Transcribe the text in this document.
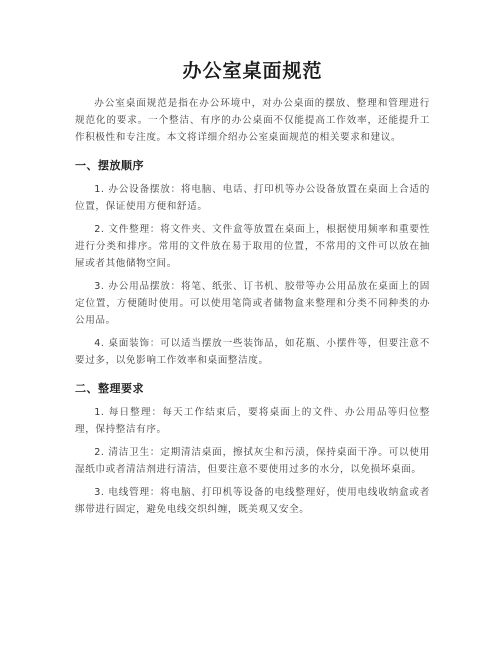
办公室桌面规范

办公室桌面规范是指在办公环境中，对办公桌面的摆放、整理和管理进行规范化的要求。一个整洁、有序的办公桌面不仅能提高工作效率，还能提升工作积极性和专注度。本文将详细介绍办公室桌面规范的相关要求和建议。

一、摆放顺序

1. 办公设备摆放：将电脑、电话、打印机等办公设备放置在桌面上合适的位置，保证使用方便和舒适。

2. 文件整理：将文件夹、文件盒等放置在桌面上，根据使用频率和重要性进行分类和排序。常用的文件放在易于取用的位置，不常用的文件可以放在抽屉或者其他储物空间。

3. 办公用品摆放：将笔、纸张、订书机、胶带等办公用品放在桌面上的固定位置，方便随时使用。可以使用笔筒或者储物盒来整理和分类不同种类的办公用品。

4. 桌面装饰：可以适当摆放一些装饰品，如花瓶、小摆件等，但要注意不要过多，以免影响工作效率和桌面整洁度。

二、整理要求

1. 每日整理：每天工作结束后，要将桌面上的文件、办公用品等归位整理，保持整洁有序。

2. 清洁卫生：定期清洁桌面，擦拭灰尘和污渍，保持桌面干净。可以使用湿纸巾或者清洁剂进行清洁，但要注意不要使用过多的水分，以免损坏桌面。

3. 电线管理：将电脑、打印机等设备的电线整理好，使用电线收纳盒或者绑带进行固定，避免电线交织纠缠，既美观又安全。
